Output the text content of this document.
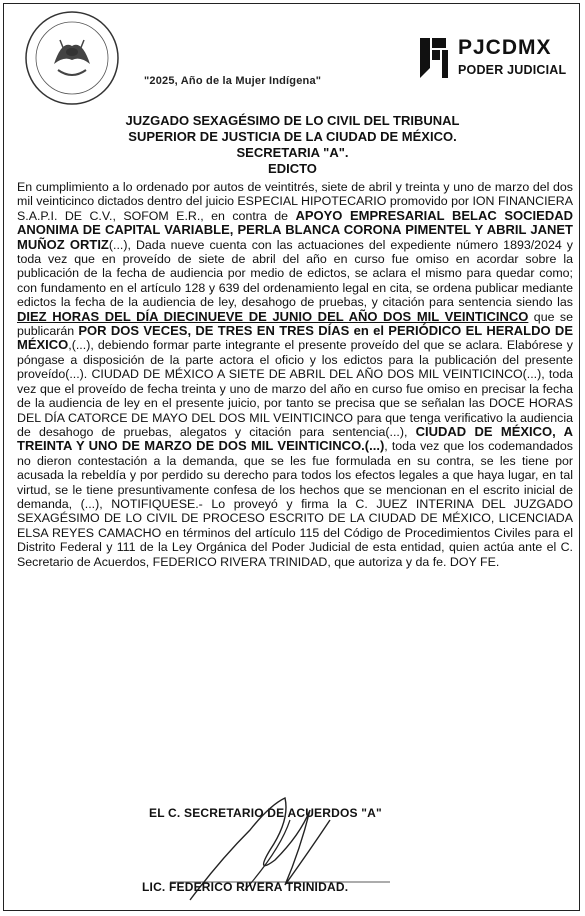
"2025, Año de la Mujer Indígena"
PJCDMX
PODER JUDICIAL
JUZGADO SEXAGÉSIMO DE LO CIVIL DEL TRIBUNAL
SUPERIOR DE JUSTICIA DE LA CIUDAD DE MÉXICO.
SECRETARIA "A".
EDICTO
En cumplimiento a lo ordenado por autos de veintitrés, siete de abril y treinta y uno de marzo del dos mil veinticinco dictados dentro del juicio ESPECIAL HIPOTECARIO promovido por ION FINANCIERA S.A.P.I. DE C.V., SOFOM E.R., en contra de APOYO EMPRESARIAL BELAC SOCIEDAD ANONIMA DE CAPITAL VARIABLE, PERLA BLANCA CORONA PIMENTEL Y ABRIL JANET MUÑOZ ORTIZ(...), Dada nueve cuenta con las actuaciones del expediente número 1893/2024 y toda vez que en proveído de siete de abril del año en curso fue omiso en acordar sobre la publicación de la fecha de audiencia por medio de edictos, se aclara el mismo para quedar como; con fundamento en el artículo 128 y 639 del ordenamiento legal en cita, se ordena publicar mediante edictos la fecha de la audiencia de ley, desahogo de pruebas, y citación para sentencia siendo las DIEZ HORAS DEL DÍA DIECINUEVE DE JUNIO DEL AÑO DOS MIL VEINTICINCO que se publicarán POR DOS VECES, DE TRES EN TRES DÍAS en el PERIÓDICO EL HERALDO DE MÉXICO,(...), debiendo formar parte integrante el presente proveído del que se aclara. Elabórese y póngase a disposición de la parte actora el oficio y los edictos para la publicación del presente proveído(...). CIUDAD DE MÉXICO A SIETE DE ABRIL DEL AÑO DOS MIL VEINTICINCO(...), toda vez que el proveído de fecha treinta y uno de marzo del año en curso fue omiso en precisar la fecha de la audiencia de ley en el presente juicio, por tanto se precisa que se señalan las DOCE HORAS DEL DÍA CATORCE DE MAYO DEL DOS MIL VEINTICINCO para que tenga verificativo la audiencia de desahogo de pruebas, alegatos y citación para sentencia(...), CIUDAD DE MÉXICO, A TREINTA Y UNO DE MARZO DE DOS MIL VEINTICINCO.(...), toda vez que los codemandados no dieron contestación a la demanda, que se les fue formulada en su contra, se les tiene por acusada la rebeldía y por perdido su derecho para todos los efectos legales a que haya lugar, en tal virtud, se le tiene presuntivamente confesa de los hechos que se mencionan en el escrito inicial de demanda, (...), NOTIFIQUESE.- Lo proveyó y firma la C. JUEZ INTERINA DEL JUZGADO SEXAGÉSIMO DE LO CIVIL DE PROCESO ESCRITO DE LA CIUDAD DE MÉXICO, LICENCIADA ELSA REYES CAMACHO en términos del artículo 115 del Código de Procedimientos Civiles para el Distrito Federal y 111 de la Ley Orgánica del Poder Judicial de esta entidad, quien actúa ante el C. Secretario de Acuerdos, FEDERICO RIVERA TRINIDAD, que autoriza y da fe. DOY FE.
EL C. SECRETARIO DE ACUERDOS "A"
LIC. FEDERICO RIVERA TRINIDAD.
